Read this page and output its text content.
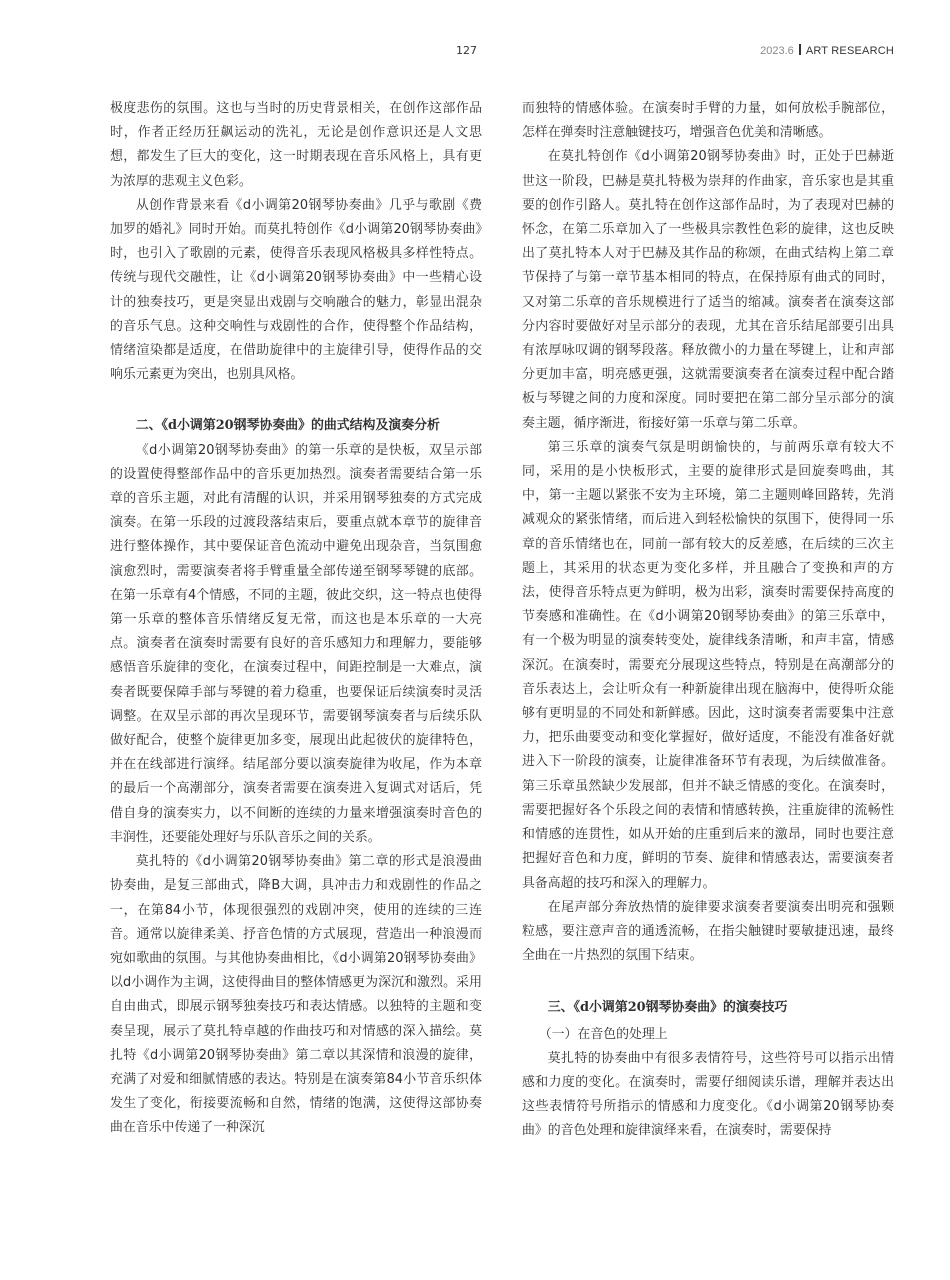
127	2023.6 ART RESEARCH

极度悲伤的氛围。这也与当时的历史背景相关，在创作这部作品时，作者正经历狂飙运动的洗礼，无论是创作意识还是人文思想，都发生了巨大的变化，这一时期表现在音乐风格上，具有更为浓厚的悲观主义色彩。

从创作背景来看《d小调第20钢琴协奏曲》几乎与歌剧《费加罗的婚礼》同时开始。而莫扎特创作《d小调第20钢琴协奏曲》时，也引入了歌剧的元素，使得音乐表现风格极具多样性特点。传统与现代交融性，让《d小调第20钢琴协奏曲》中一些精心设计的独奏技巧，更是突显出戏剧与交响融合的魅力，彰显出混杂的音乐气息。这种交响性与戏剧性的合作，使得整个作品结构，情绪渲染都是适度，在借助旋律中的主旋律引导，使得作品的交响乐元素更为突出，也别具风格。

二、《d小调第20钢琴协奏曲》的曲式结构及演奏分析

《d小调第20钢琴协奏曲》的第一乐章的是快板，双呈示部的设置使得整部作品中的音乐更加热烈。演奏者需要结合第一乐章的音乐主题，对此有清醒的认识，并采用钢琴独奏的方式完成演奏。在第一乐段的过渡段落结束后，要重点就本章节的旋律音进行整体操作，其中要保证音色流动中避免出现杂音，当氛围愈演愈烈时，需要演奏者将手臂重量全部传递至钢琴琴键的底部。在第一乐章有4个情感，不同的主题，彼此交织，这一特点也使得第一乐章的整体音乐情绪反复无常，而这也是本乐章的一大亮点。演奏者在演奏时需要有良好的音乐感知力和理解力，要能够感悟音乐旋律的变化，在演奏过程中，间距控制是一大难点，演奏者既要保障手部与琴键的着力稳重，也要保证后续演奏时灵活调整。在双呈示部的再次呈现环节，需要钢琴演奏者与后续乐队做好配合，使整个旋律更加多变，展现出此起彼伏的旋律特色，并在在线部进行演绎。结尾部分要以演奏旋律为收尾，作为本章的最后一个高潮部分，演奏者需要在演奏进入复调式对话后，凭借自身的演奏实力，以不间断的连续的力量来增强演奏时音色的丰润性，还要能处理好与乐队音乐之间的关系。

莫扎特的《d小调第20钢琴协奏曲》第二章的形式是浪漫曲协奏曲，是复三部曲式，降B大调，具冲击力和戏剧性的作品之一，在第84小节，体现很强烈的戏剧冲突，使用的连续的三连音。通常以旋律柔美、抒音色情的方式展现，营造出一种浪漫而宛如歌曲的氛围。与其他协奏曲相比，《d小调第20钢琴协奏曲》以d小调作为主调，这使得曲目的整体情感更为深沉和激烈。采用自由曲式，即展示钢琴独奏技巧和表达情感。以独特的主题和变奏呈现，展示了莫扎特卓越的作曲技巧和对情感的深入描绘。莫扎特《d小调第20钢琴协奏曲》第二章以其深情和浪漫的旋律，充满了对爱和细腻情感的表达。特别是在演奏第84小节音乐织体发生了变化，衔接要流畅和自然，情绪的饱满，这使得这部协奏曲在音乐中传递了一种深沉

而独特的情感体验。在演奏时手臂的力量，如何放松手腕部位，怎样在弹奏时注意触键技巧，增强音色优美和清晰感。

在莫扎特创作《d小调第20钢琴协奏曲》时，正处于巴赫逝世这一阶段，巴赫是莫扎特极为崇拜的作曲家，音乐家也是其重要的创作引路人。莫扎特在创作这部作品时，为了表现对巴赫的怀念，在第二乐章加入了一些极具宗教性色彩的旋律，这也反映出了莫扎特本人对于巴赫及其作品的称颂，在曲式结构上第二章节保持了与第一章节基本相同的特点，在保持原有曲式的同时，又对第二乐章的音乐规模进行了适当的缩减。演奏者在演奏这部分内容时要做好对呈示部分的表现，尤其在音乐结尾部要引出具有浓厚咏叹调的钢琴段落。释放微小的力量在琴键上，让和声部分更加丰富，明亮感更强，这就需要演奏者在演奏过程中配合踏板与琴键之间的力度和深度。同时要把在第二部分呈示部分的演奏主题，循序渐进，衔接好第一乐章与第二乐章。

第三乐章的演奏气氛是明朗愉快的，与前两乐章有较大不同，采用的是小快板形式，主要的旋律形式是回旋奏鸣曲，其中，第一主题以紧张不安为主环境，第二主题则峰回路转，先消减观众的紧张情绪，而后进入到轻松愉快的氛围下，使得同一乐章的音乐情绪也在，同前一部有较大的反差感，在后续的三次主题上，其采用的状态更为变化多样，并且融合了变换和声的方法，使得音乐特点更为鲜明，极为出彩，演奏时需要保持高度的节奏感和准确性。在《d小调第20钢琴协奏曲》的第三乐章中，有一个极为明显的演奏转变处，旋律线条清晰，和声丰富，情感深沉。在演奏时，需要充分展现这些特点，特别是在高潮部分的音乐表达上，会让听众有一种新旋律出现在脑海中，使得听众能够有更明显的不同处和新鲜感。因此，这时演奏者需要集中注意力，把乐曲要变动和变化掌握好，做好适度，不能没有准备好就进入下一阶段的演奏，让旋律准备环节有表现，为后续做准备。第三乐章虽然缺少发展部，但并不缺乏情感的变化。在演奏时，需要把握好各个乐段之间的表情和情感转换，注重旋律的流畅性和情感的连贯性，如从开始的庄重到后来的激昂，同时也要注意把握好音色和力度，鲜明的节奏、旋律和情感表达，需要演奏者具备高超的技巧和深入的理解力。

在尾声部分奔放热情的旋律要求演奏者要演奏出明亮和强颗粒感，要注意声音的通透流畅，在指尖触键时要敏捷迅速，最终全曲在一片热烈的氛围下结束。

三、《d小调第20钢琴协奏曲》的演奏技巧

（一）在音色的处理上

莫扎特的协奏曲中有很多表情符号，这些符号可以指示出情感和力度的变化。在演奏时，需要仔细阅读乐谱，理解并表达出这些表情符号所指示的情感和力度变化。《d小调第20钢琴协奏曲》的音色处理和旋律演绎来看，在演奏时，需要保持
